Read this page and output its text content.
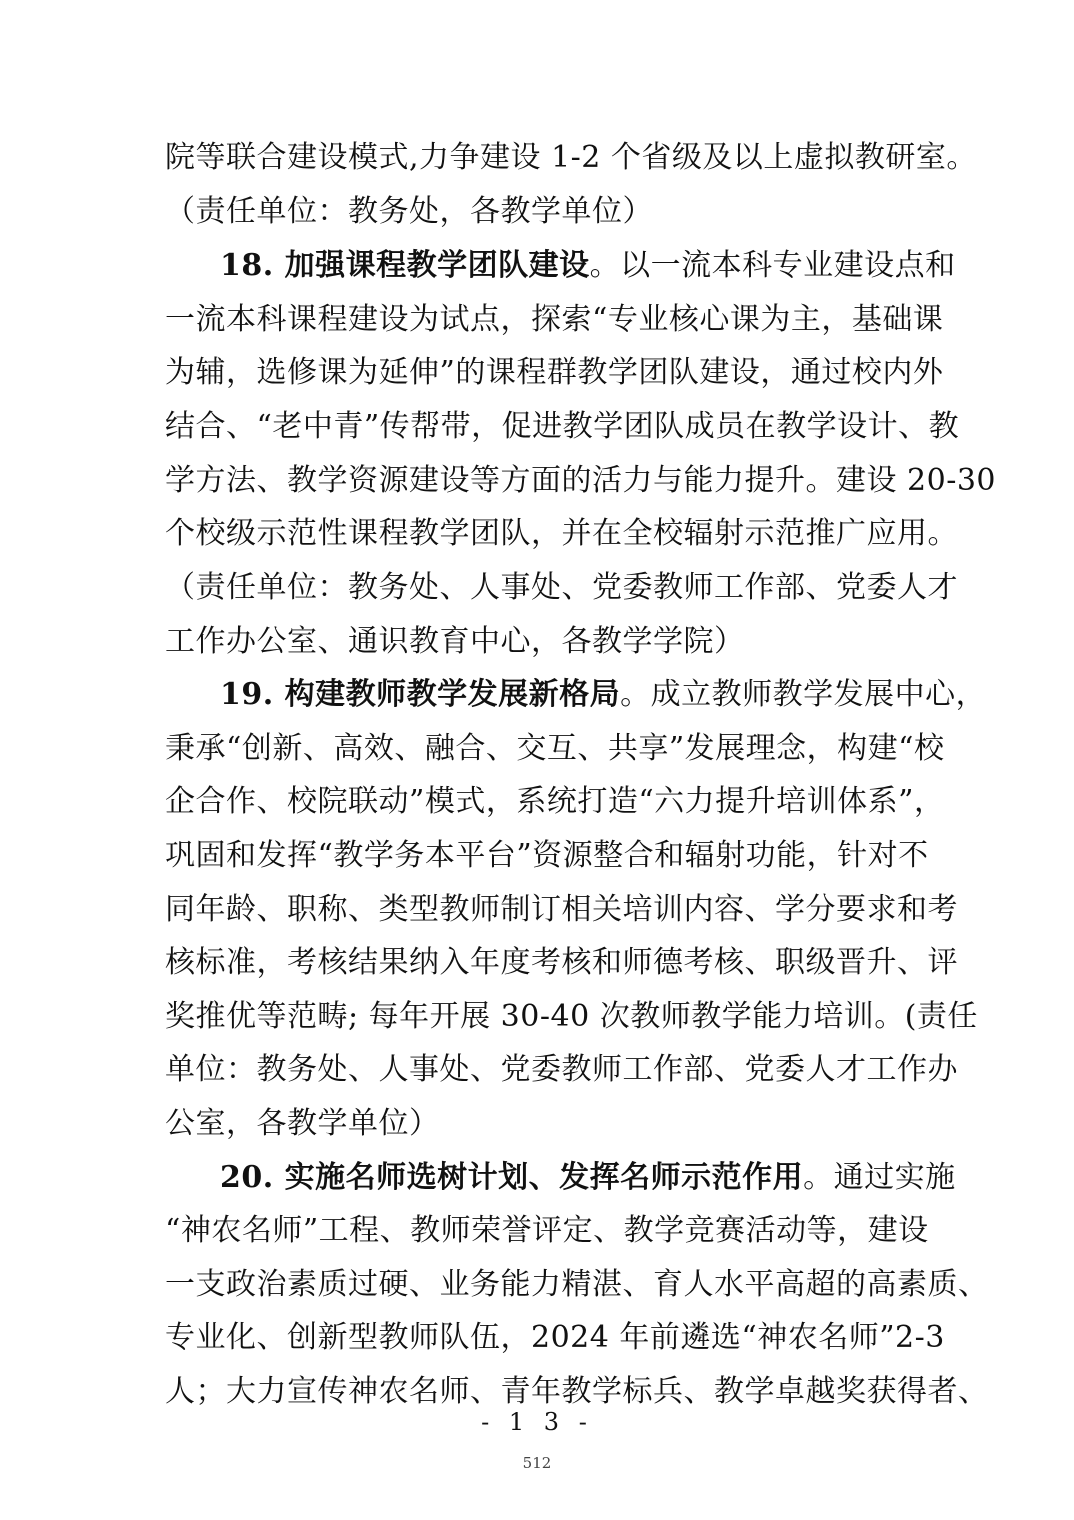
院等联合建设模式,力争建设 1-2 个省级及以上虚拟教研室。
（责任单位：教务处，各教学单位）
18. 加强课程教学团队建设。以一流本科专业建设点和
一流本科课程建设为试点，探索“专业核心课为主，基础课
为辅，选修课为延伸”的课程群教学团队建设，通过校内外
结合、“老中青”传帮带，促进教学团队成员在教学设计、教
学方法、教学资源建设等方面的活力与能力提升。建设 20-30
个校级示范性课程教学团队，并在全校辐射示范推广应用。
（责任单位：教务处、人事处、党委教师工作部、党委人才
工作办公室、通识教育中心，各教学学院）
19. 构建教师教学发展新格局。成立教师教学发展中心，
秉承“创新、高效、融合、交互、共享”发展理念，构建“校
企合作、校院联动”模式，系统打造“六力提升培训体系”，
巩固和发挥“教学务本平台”资源整合和辐射功能，针对不
同年龄、职称、类型教师制订相关培训内容、学分要求和考
核标准，考核结果纳入年度考核和师德考核、职级晋升、评
奖推优等范畴; 每年开展 30-40 次教师教学能力培训。(责任
单位：教务处、人事处、党委教师工作部、党委人才工作办
公室，各教学单位）
20. 实施名师选树计划、发挥名师示范作用。通过实施
“神农名师”工程、教师荣誉评定、教学竞赛活动等，建设
一支政治素质过硬、业务能力精湛、育人水平高超的高素质、
专业化、创新型教师队伍，2024 年前遴选“神农名师”2-3
人；大力宣传神农名师、青年教学标兵、教学卓越奖获得者、
- 1 3 -
512
